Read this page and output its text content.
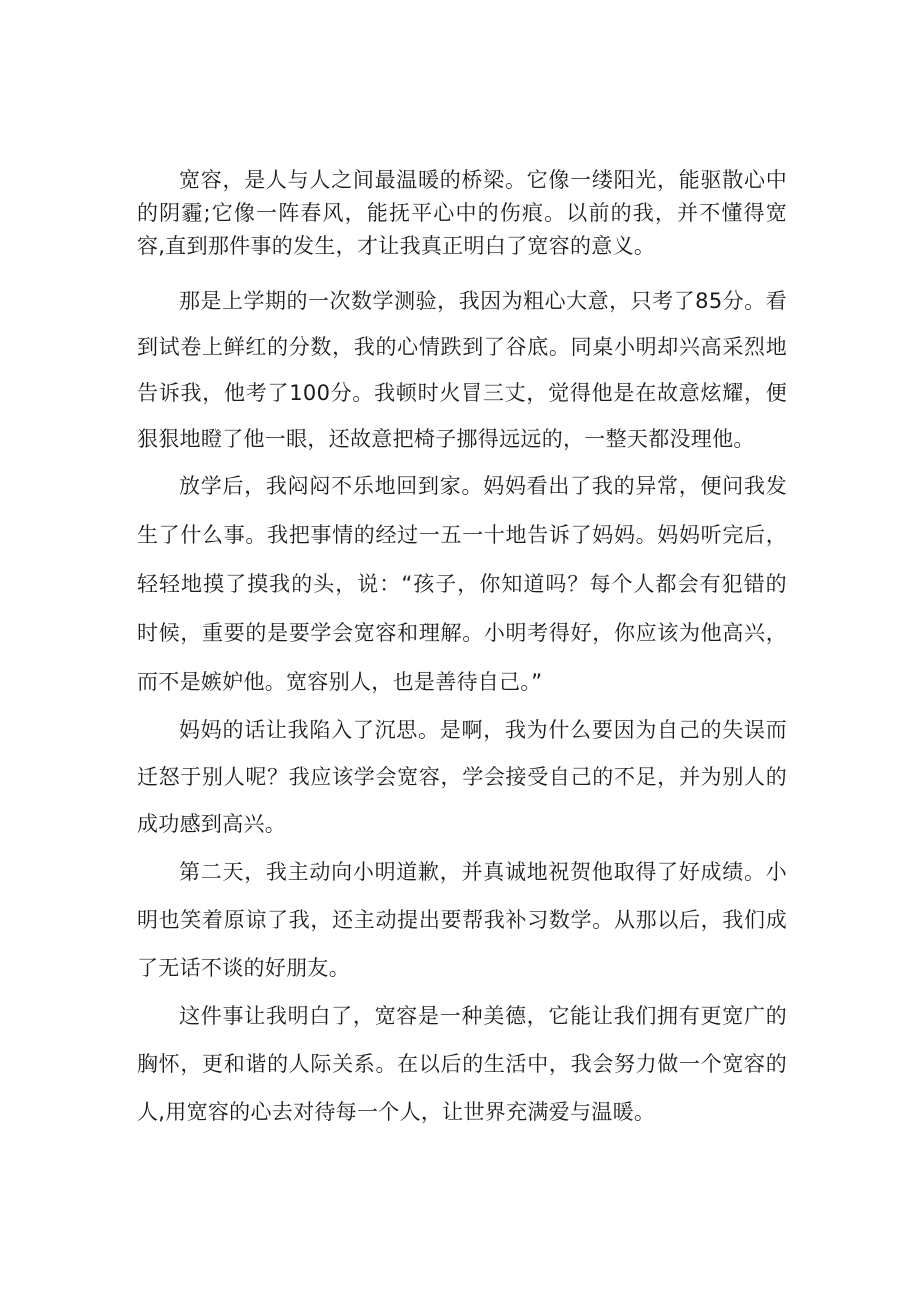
宽容，是人与人之间最温暖的桥梁。它像一缕阳光，能驱散心中的阴霾;它像一阵春风，能抚平心中的伤痕。以前的我，并不懂得宽容,直到那件事的发生，才让我真正明白了宽容的意义。

那是上学期的一次数学测验，我因为粗心大意，只考了85分。看到试卷上鲜红的分数，我的心情跌到了谷底。同桌小明却兴高采烈地告诉我，他考了100分。我顿时火冒三丈，觉得他是在故意炫耀，便狠狠地瞪了他一眼，还故意把椅子挪得远远的，一整天都没理他。

放学后，我闷闷不乐地回到家。妈妈看出了我的异常，便问我发生了什么事。我把事情的经过一五一十地告诉了妈妈。妈妈听完后，轻轻地摸了摸我的头，说：“孩子，你知道吗？每个人都会有犯错的时候，重要的是要学会宽容和理解。小明考得好，你应该为他高兴，而不是嫉妒他。宽容别人，也是善待自己。”

妈妈的话让我陷入了沉思。是啊，我为什么要因为自己的失误而迁怒于别人呢？我应该学会宽容，学会接受自己的不足，并为别人的成功感到高兴。

第二天，我主动向小明道歉，并真诚地祝贺他取得了好成绩。小明也笑着原谅了我，还主动提出要帮我补习数学。从那以后，我们成了无话不谈的好朋友。

这件事让我明白了，宽容是一种美德，它能让我们拥有更宽广的胸怀，更和谐的人际关系。在以后的生活中，我会努力做一个宽容的人,用宽容的心去对待每一个人，让世界充满爱与温暖。
